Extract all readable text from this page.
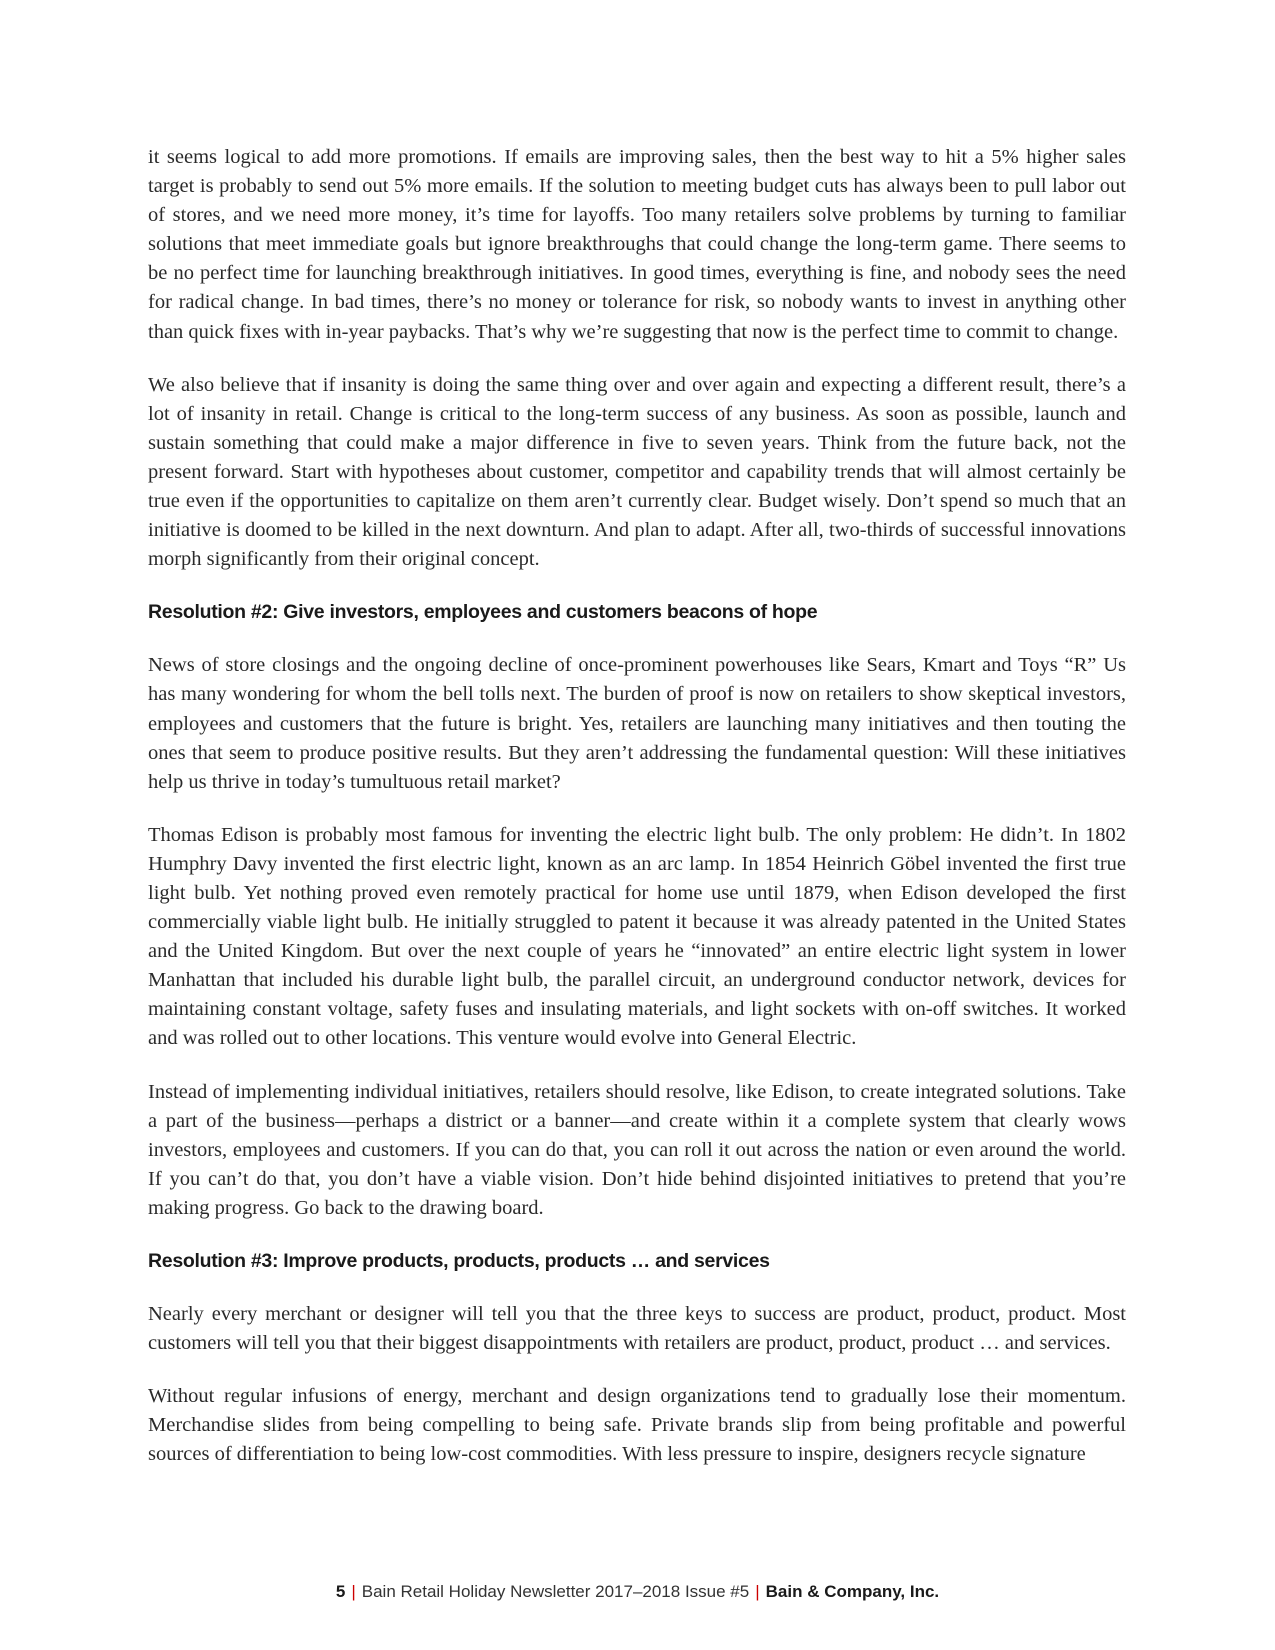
it seems logical to add more promotions. If emails are improving sales, then the best way to hit a 5% higher sales target is probably to send out 5% more emails. If the solution to meeting budget cuts has always been to pull labor out of stores, and we need more money, it’s time for layoffs. Too many retailers solve problems by turning to familiar solutions that meet immediate goals but ignore breakthroughs that could change the long-term game. There seems to be no perfect time for launching breakthrough initiatives. In good times, everything is fine, and nobody sees the need for radical change. In bad times, there’s no money or tolerance for risk, so nobody wants to invest in anything other than quick fixes with in-year paybacks. That’s why we’re suggesting that now is the perfect time to commit to change.

We also believe that if insanity is doing the same thing over and over again and expecting a different result, there’s a lot of insanity in retail. Change is critical to the long-term success of any business. As soon as possible, launch and sustain something that could make a major difference in five to seven years. Think from the future back, not the present forward. Start with hypotheses about customer, competitor and capability trends that will almost certainly be true even if the opportunities to capitalize on them aren’t currently clear. Budget wisely. Don’t spend so much that an initiative is doomed to be killed in the next downturn. And plan to adapt. After all, two-thirds of successful innovations morph significantly from their original concept.

Resolution #2: Give investors, employees and customers beacons of hope

News of store closings and the ongoing decline of once-prominent powerhouses like Sears, Kmart and Toys “R” Us has many wondering for whom the bell tolls next. The burden of proof is now on retailers to show skeptical investors, employees and customers that the future is bright. Yes, retailers are launching many initiatives and then touting the ones that seem to produce positive results. But they aren’t addressing the fundamental question: Will these initiatives help us thrive in today’s tumultuous retail market?

Thomas Edison is probably most famous for inventing the electric light bulb. The only problem: He didn’t. In 1802 Humphry Davy invented the first electric light, known as an arc lamp. In 1854 Heinrich Göbel invented the first true light bulb. Yet nothing proved even remotely practical for home use until 1879, when Edison developed the first commercially viable light bulb. He initially struggled to patent it because it was already patented in the United States and the United Kingdom. But over the next couple of years he “innovated” an entire electric light system in lower Manhattan that included his durable light bulb, the parallel circuit, an underground conductor network, devices for maintaining constant voltage, safety fuses and insulating materials, and light sockets with on-off switches. It worked and was rolled out to other locations. This venture would evolve into General Electric.

Instead of implementing individual initiatives, retailers should resolve, like Edison, to create integrated solutions. Take a part of the business—perhaps a district or a banner—and create within it a complete system that clearly wows investors, employees and customers. If you can do that, you can roll it out across the nation or even around the world. If you can’t do that, you don’t have a viable vision. Don’t hide behind disjointed initiatives to pretend that you’re making progress. Go back to the drawing board.

Resolution #3: Improve products, products, products … and services

Nearly every merchant or designer will tell you that the three keys to success are product, product, product. Most customers will tell you that their biggest disappointments with retailers are product, product, product … and services.

Without regular infusions of energy, merchant and design organizations tend to gradually lose their momentum. Merchandise slides from being compelling to being safe. Private brands slip from being profitable and powerful sources of differentiation to being low-cost commodities. With less pressure to inspire, designers recycle signature

5 | Bain Retail Holiday Newsletter 2017–2018 Issue #5 | Bain & Company, Inc.
